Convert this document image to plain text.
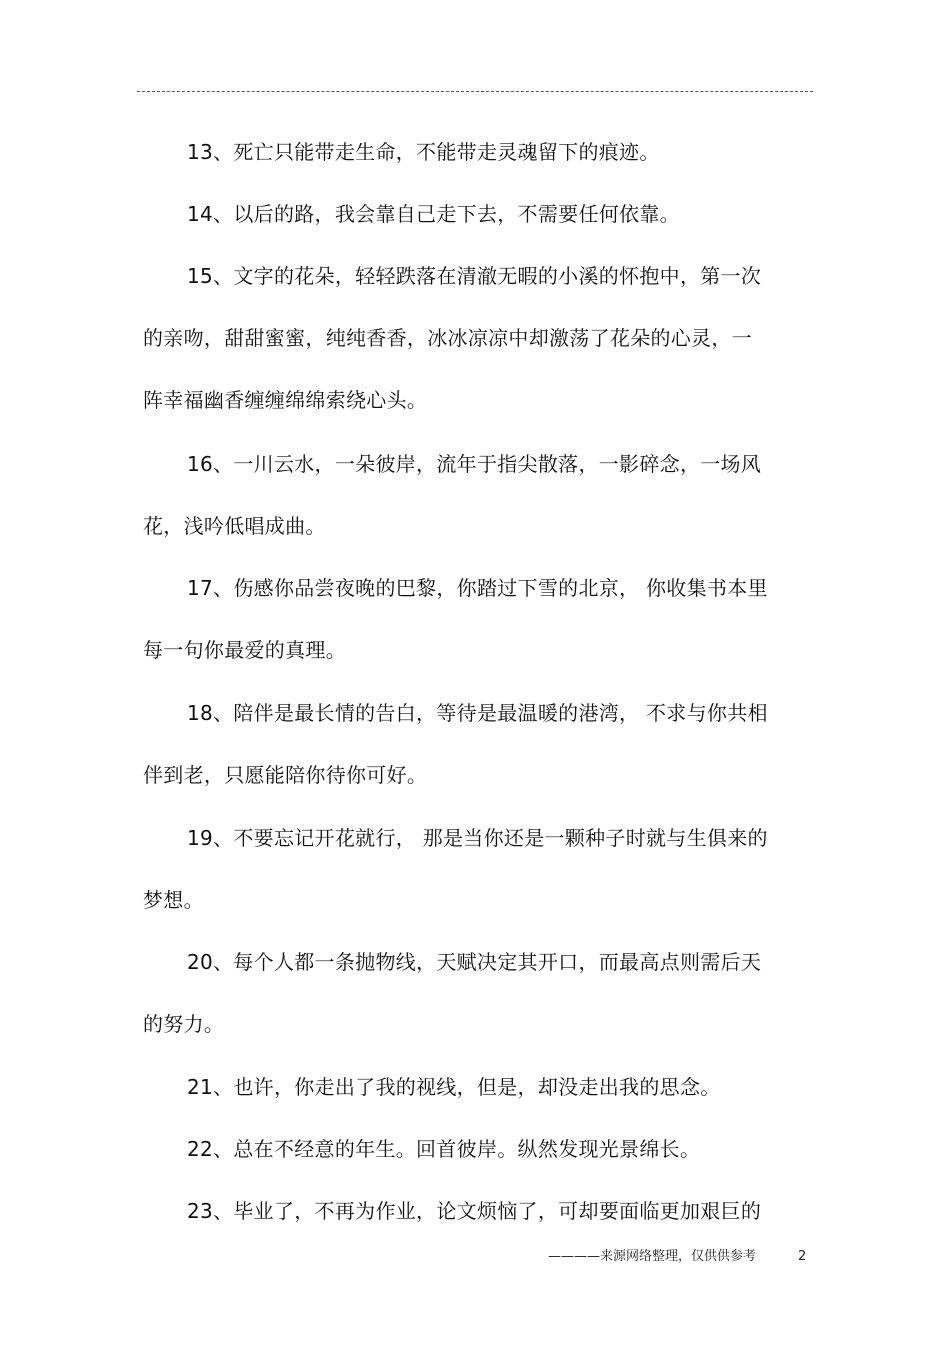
13、死亡只能带走生命，不能带走灵魂留下的痕迹。
14、以后的路，我会靠自己走下去，不需要任何依靠。
15、文字的花朵，轻轻跌落在清澈无暇的小溪的怀抱中，第一次
的亲吻，甜甜蜜蜜，纯纯香香，冰冰凉凉中却激荡了花朵的心灵，一
阵幸福幽香缠缠绵绵索绕心头。
16、一川云水，一朵彼岸，流年于指尖散落，一影碎念，一场风
花，浅吟低唱成曲。
17、伤感你品尝夜晚的巴黎，你踏过下雪的北京， 你收集书本里
每一句你最爱的真理。
18、陪伴是最长情的告白，等待是最温暖的港湾， 不求与你共相
伴到老，只愿能陪你待你可好。
19、不要忘记开花就行， 那是当你还是一颗种子时就与生俱来的
梦想。
20、每个人都一条抛物线，天赋决定其开口，而最高点则需后天
的努力。
21、也许，你走出了我的视线，但是，却没走出我的思念。
22、总在不经意的年生。回首彼岸。纵然发现光景绵长。
23、毕业了，不再为作业，论文烦恼了，可却要面临更加艰巨的
————来源网络整理，仅供供参考	2
